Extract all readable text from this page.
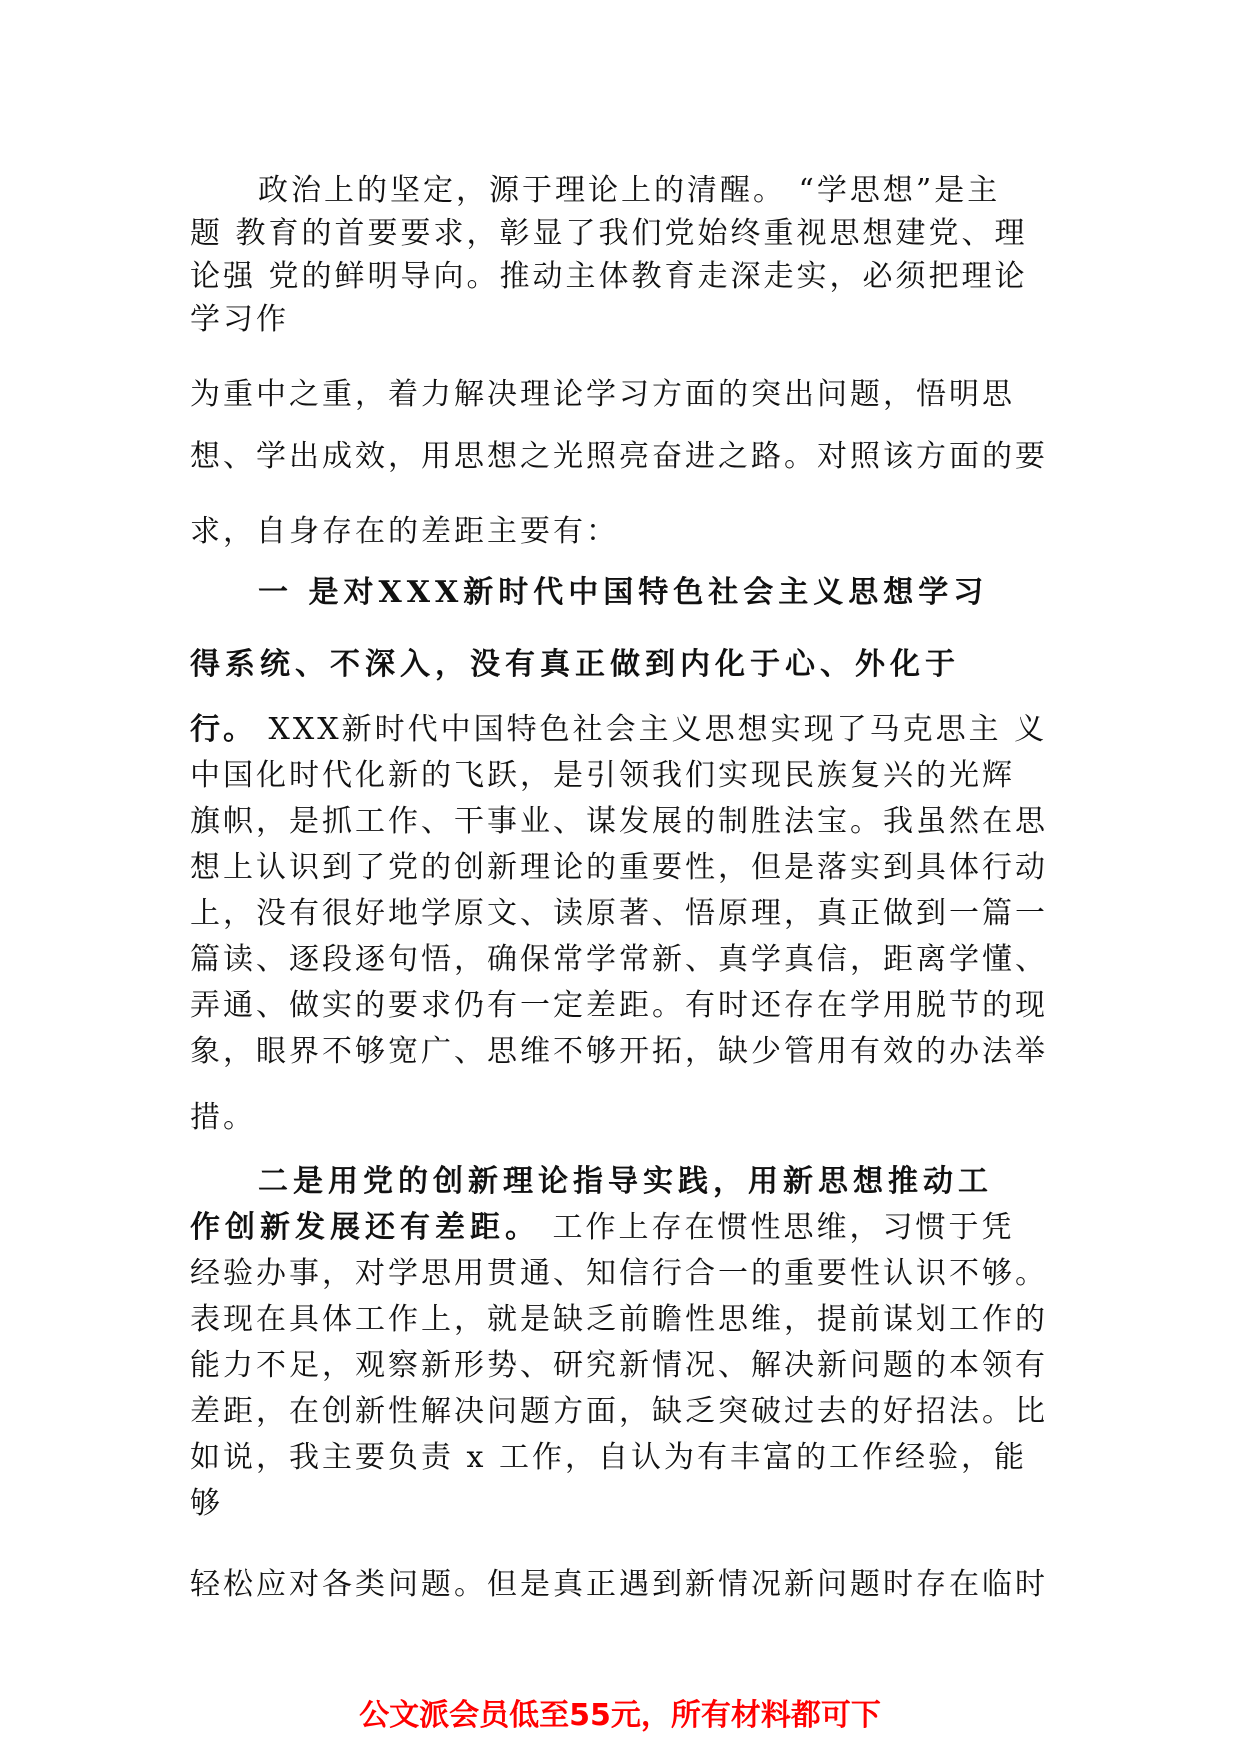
政治上的坚定，源于理论上的清醒。 “学思想”是主
题 教育的首要要求，彰显了我们党始终重视思想建党、理
论强 党的鲜明导向。推动主体教育走深走实，必须把理论
学习作
为重中之重，着力解决理论学习方面的突出问题，悟明思
想、学出成效，用思想之光照亮奋进之路。对照该方面的要
求，自身存在的差距主要有：
一 是对XXX新时代中国特色社会主义思想学习
得系统、不深入，没有真正做到内化于心、外化于
行。 XXX新时代中国特色社会主义思想实现了马克思主 义
中国化时代化新的飞跃，是引领我们实现民族复兴的光辉
旗帜，是抓工作、干事业、谋发展的制胜法宝。我虽然在思
想上认识到了党的创新理论的重要性，但是落实到具体行动
上，没有很好地学原文、读原著、悟原理，真正做到一篇一
篇读、逐段逐句悟，确保常学常新、真学真信，距离学懂、
弄通、做实的要求仍有一定差距。有时还存在学用脱节的现
象，眼界不够宽广、思维不够开拓，缺少管用有效的办法举
措。
二是用党的创新理论指导实践，用新思想推动工
作创新发展还有差距。 工作上存在惯性思维，习惯于凭
经验办事，对学思用贯通、知信行合一的重要性认识不够。
表现在具体工作上，就是缺乏前瞻性思维，提前谋划工作的
能力不足，观察新形势、研究新情况、解决新问题的本领有
差距，在创新性解决问题方面，缺乏突破过去的好招法。比
如说，我主要负责 x 工作，自认为有丰富的工作经验，能
够
轻松应对各类问题。但是真正遇到新情况新问题时存在临时
公文派会员低至55元，所有材料都可下
